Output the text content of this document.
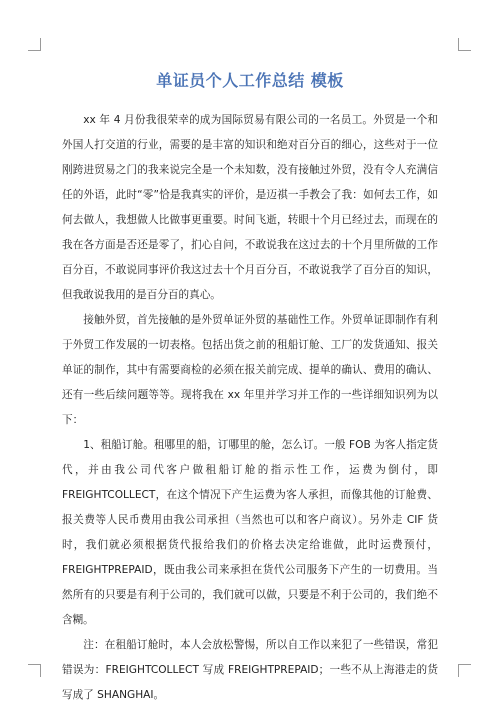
单证员个人工作总结 模板

xx 年 4 月份我很荣幸的成为国际贸易有限公司的一名员工。外贸是一个和外国人打交道的行业，需要的是丰富的知识和绝对百分百的细心，这些对于一位刚跨进贸易之门的我来说完全是一个未知数，没有接触过外贸，没有令人充满信任的外语，此时“零”恰是我真实的评价，是迈祺一手教会了我：如何去工作，如何去做人，我想做人比做事更重要。时间飞逝，转眼十个月已经过去，而现在的我在各方面是否还是零了，扪心自问，不敢说我在这过去的十个月里所做的工作百分百，不敢说同事评价我这过去十个月百分百，不敢说我学了百分百的知识，但我敢说我用的是百分百的真心。

接触外贸，首先接触的是外贸单证外贸的基础性工作。外贸单证即制作有利于外贸工作发展的一切表格。包括出货之前的租船订舱、工厂的发货通知、报关单证的制作，其中有需要商检的必须在报关前完成、提单的确认、费用的确认、还有一些后续问题等等。现将我在 xx 年里并学习并工作的一些详细知识列为以下：

1、租船订舱。租哪里的船，订哪里的舱，怎么订。一般 FOB 为客人指定货代，并由我公司代客户做租船订舱的指示性工作，运费为倒付，即 FREIGHTCOLLECT，在这个情况下产生运费为客人承担，而像其他的订舱费、报关费等人民币费用由我公司承担（当然也可以和客户商议）。另外走 CIF 货时，我们就必须根据货代报给我们的价格去决定给谁做，此时运费预付，FREIGHTPREPAID，既由我公司来承担在货代公司服务下产生的一切费用。当然所有的只要是有利于公司的，我们就可以做，只要是不利于公司的，我们绝不含糊。

注：在租船订舱时，本人会放松警惕，所以自工作以来犯了一些错误，常犯错误为：FREIGHTCOLLECT 写成 FREIGHTPREPAID；一些不从上海港走的货写成了 SHANGHAI。
